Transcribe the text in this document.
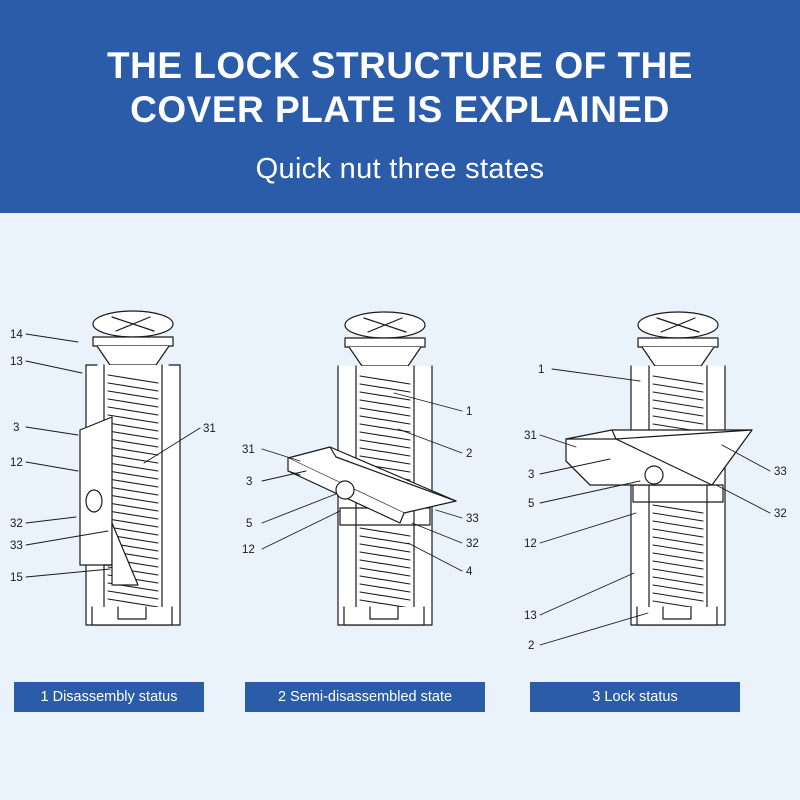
THE LOCK STRUCTURE OF THE COVER PLATE IS EXPLAINED
Quick nut three states
14
13
3
12
32
33
15
31
31
3
5
12
1
2
33
32
4
1
31
3
5
12
13
2
33
32
1 Disassembly status	2 Semi-disassembled state	3 Lock status
